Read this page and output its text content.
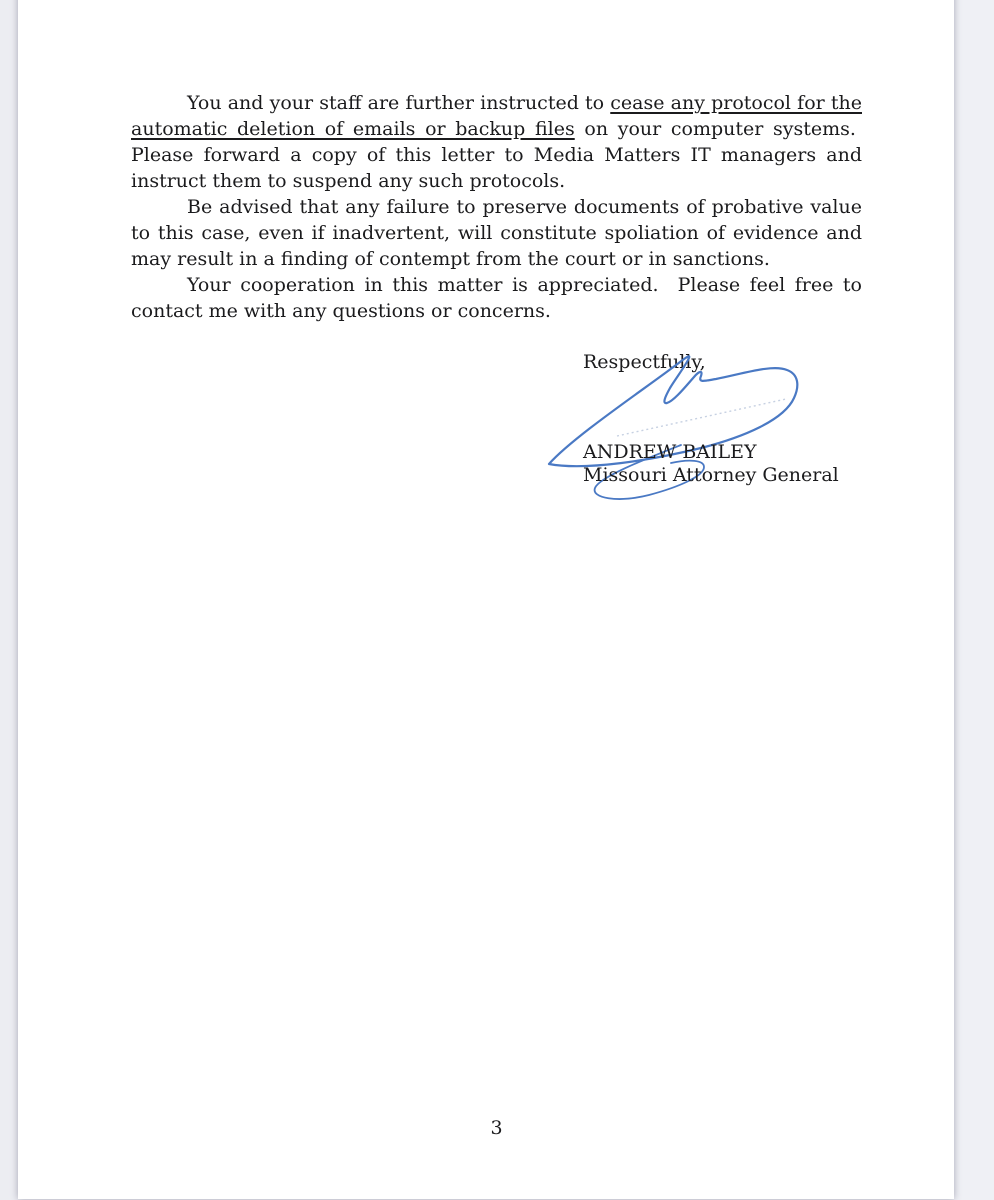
You and your staff are further instructed to cease any protocol for the automatic deletion of emails or backup files on your computer systems.  Please forward a copy of this letter to Media Matters IT managers and instruct them to suspend any such protocols.

Be advised that any failure to preserve documents of probative value to this case, even if inadvertent, will constitute spoliation of evidence and may result in a finding of contempt from the court or in sanctions.

Your cooperation in this matter is appreciated.  Please feel free to contact me with any questions or concerns.

Respectfully,
ANDREW BAILEY
Missouri Attorney General
3
